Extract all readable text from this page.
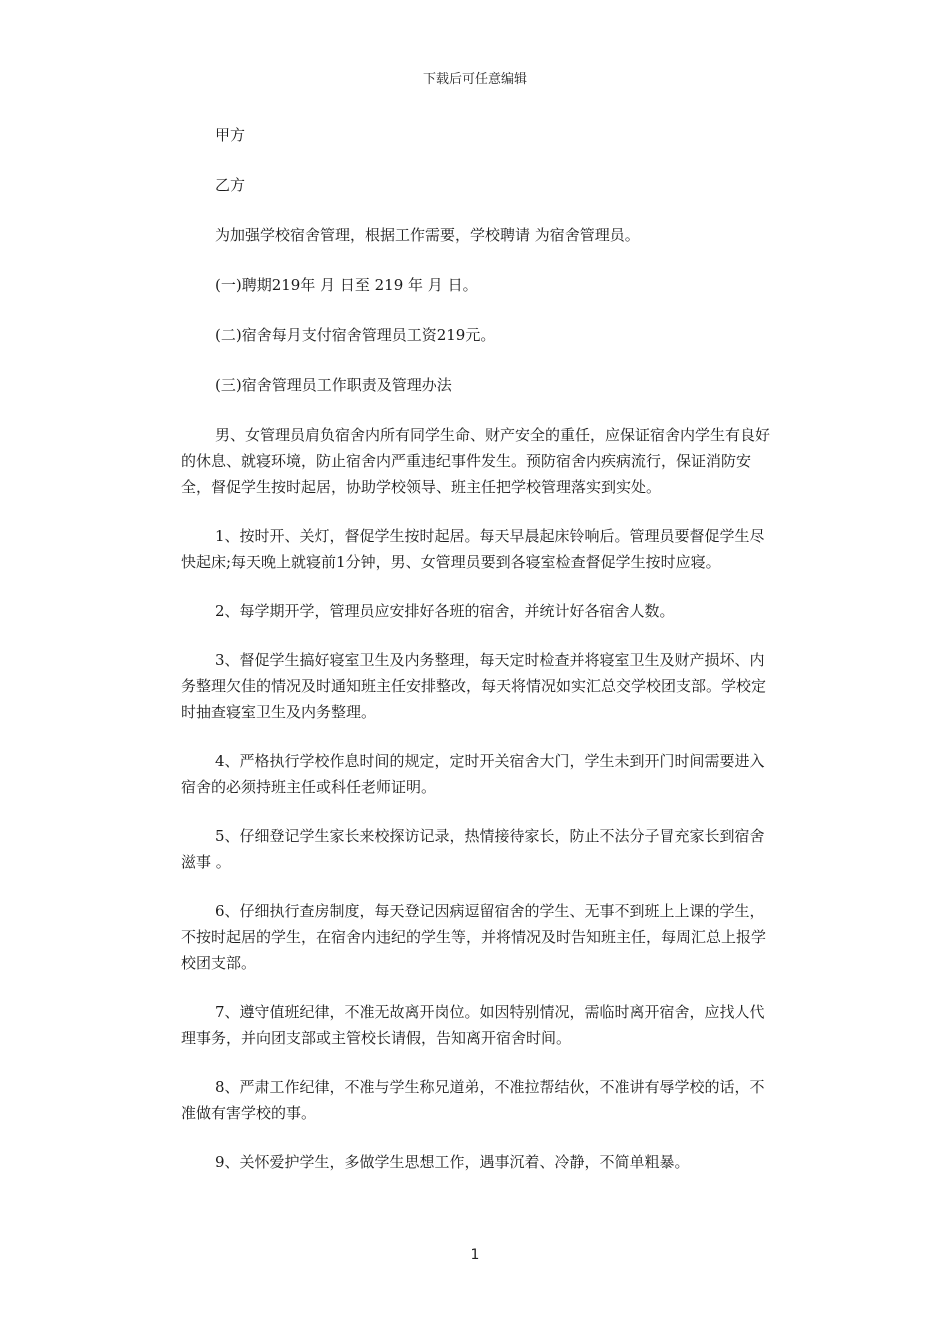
下载后可任意编辑

甲方

乙方

为加强学校宿舍管理，根据工作需要，学校聘请 为宿舍管理员。

(一)聘期219年 月 日至 219 年 月 日。

(二)宿舍每月支付宿舍管理员工资219元。

(三)宿舍管理员工作职责及管理办法

男、女管理员肩负宿舍内所有同学生命、财产安全的重任，应保证宿舍内学生有良好的休息、就寝环境，防止宿舍内严重违纪事件发生。预防宿舍内疾病流行，保证消防安全，督促学生按时起居，协助学校领导、班主任把学校管理落实到实处。

1、按时开、关灯，督促学生按时起居。每天早晨起床铃响后。管理员要督促学生尽快起床;每天晚上就寝前1分钟，男、女管理员要到各寝室检查督促学生按时应寝。

2、每学期开学，管理员应安排好各班的宿舍，并统计好各宿舍人数。

3、督促学生搞好寝室卫生及内务整理，每天定时检查并将寝室卫生及财产损坏、内务整理欠佳的情况及时通知班主任安排整改，每天将情况如实汇总交学校团支部。学校定时抽查寝室卫生及内务整理。

4、严格执行学校作息时间的规定，定时开关宿舍大门，学生未到开门时间需要进入宿舍的必须持班主任或科任老师证明。

5、仔细登记学生家长来校探访记录，热情接待家长，防止不法分子冒充家长到宿舍滋事 。

6、仔细执行查房制度，每天登记因病逗留宿舍的学生、无事不到班上上课的学生，不按时起居的学生，在宿舍内违纪的学生等，并将情况及时告知班主任，每周汇总上报学校团支部。

7、遵守值班纪律，不准无故离开岗位。如因特别情况，需临时离开宿舍，应找人代理事务，并向团支部或主管校长请假，告知离开宿舍时间。

8、严肃工作纪律，不准与学生称兄道弟，不准拉帮结伙，不准讲有辱学校的话，不准做有害学校的事。

9、关怀爱护学生，多做学生思想工作，遇事沉着、冷静，不简单粗暴。

1
